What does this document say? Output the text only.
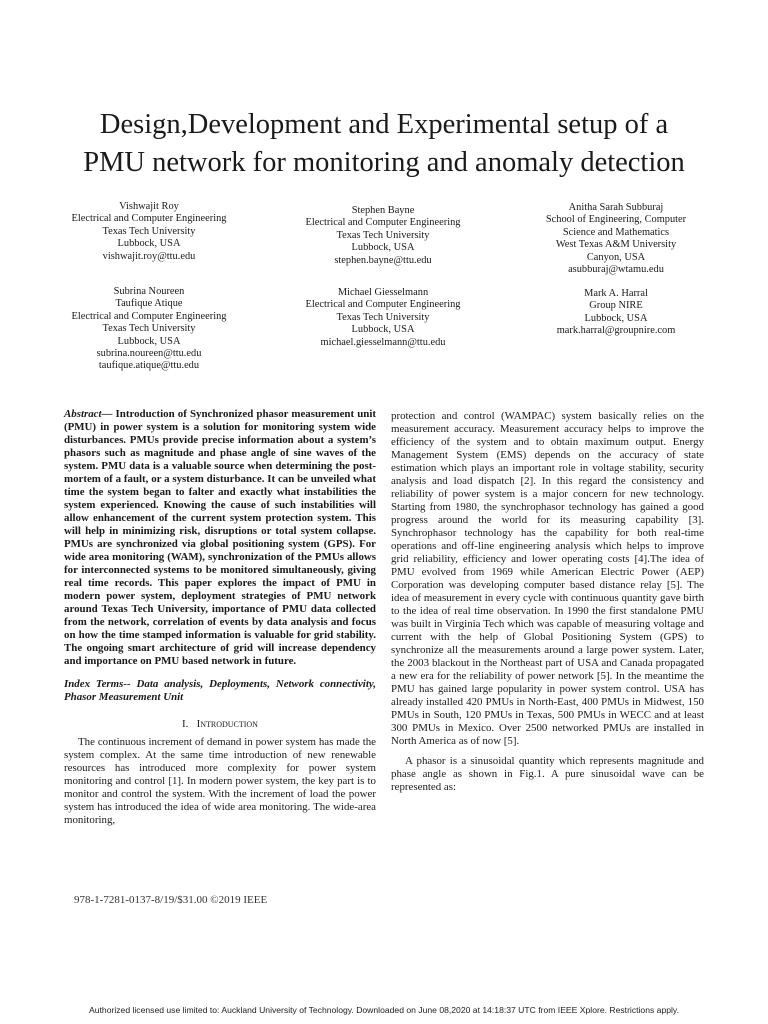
Design,Development and Experimental setup of a
PMU network for monitoring and anomaly detection
Vishwajit Roy
Electrical and Computer Engineering
Texas Tech University
Lubbock, USA
vishwajit.roy@ttu.edu
Stephen Bayne
Electrical and Computer Engineering
Texas Tech University
Lubbock, USA
stephen.bayne@ttu.edu
Anitha Sarah Subburaj
School of Engineering, Computer
Science and Mathematics
West Texas A&M University
Canyon, USA
asubburaj@wtamu.edu
Subrina Noureen
Taufique Atique
Electrical and Computer Engineering
Texas Tech University
Lubbock, USA
subrina.noureen@ttu.edu
taufique.atique@ttu.edu
Michael Giesselmann
Electrical and Computer Engineering
Texas Tech University
Lubbock, USA
michael.giesselmann@ttu.edu
Mark A. Harral
Group NIRE
Lubbock, USA
mark.harral@groupnire.com

Abstract— Introduction of Synchronized phasor measurement unit (PMU) in power system is a solution for monitoring system wide disturbances. PMUs provide precise information about a system’s phasors such as magnitude and phase angle of sine waves of the system. PMU data is a valuable source when determining the post-mortem of a fault, or a system disturbance. It can be unveiled what time the system began to falter and exactly what instabilities the system experienced. Knowing the cause of such instabilities will allow enhancement of the current system protection system. This will help in minimizing risk, disruptions or total system collapse. PMUs are synchronized via global positioning system (GPS). For wide area monitoring (WAM), synchronization of the PMUs allows for interconnected systems to be monitored simultaneously, giving real time records. This paper explores the impact of PMU in modern power system, deployment strategies of PMU network around Texas Tech University, importance of PMU data collected from the network, correlation of events by data analysis and focus on how the time stamped information is valuable for grid stability. The ongoing smart architecture of grid will increase dependency and importance on PMU based network in future.

Index Terms-- Data analysis, Deployments, Network connectivity, Phasor Measurement Unit

I. Introduction

The continuous increment of demand in power system has made the system complex. At the same time introduction of new renewable resources has introduced more complexity for power system monitoring and control [1]. In modern power system, the key part is to monitor and control the system. With the increment of load the power system has introduced the idea of wide area monitoring. The wide-area monitoring,

protection and control (WAMPAC) system basically relies on the measurement accuracy. Measurement accuracy helps to improve the efficiency of the system and to obtain maximum output. Energy Management System (EMS) depends on the accuracy of state estimation which plays an important role in voltage stability, security analysis and load dispatch [2]. In this regard the consistency and reliability of power system is a major concern for new technology. Starting from 1980, the synchrophasor technology has gained a good progress around the world for its measuring capability [3]. Synchrophasor technology has the capability for both real-time operations and off-line engineering analysis which helps to improve grid reliability, efficiency and lower operating costs [4].The idea of PMU evolved from 1969 while American Electric Power (AEP) Corporation was developing computer based distance relay [5]. The idea of measurement in every cycle with continuous quantity gave birth to the idea of real time observation. In 1990 the first standalone PMU was built in Virginia Tech which was capable of measuring voltage and current with the help of Global Positioning System (GPS) to synchronize all the measurements around a large power system. Later, the 2003 blackout in the Northeast part of USA and Canada propagated a new era for the reliability of power network [5]. In the meantime the PMU has gained large popularity in power system control. USA has already installed 420 PMUs in North-East, 400 PMUs in Midwest, 150 PMUs in South, 120 PMUs in Texas, 500 PMUs in WECC and at least 300 PMUs in Mexico. Over 2500 networked PMUs are installed in North America as of now [5].

A phasor is a sinusoidal quantity which represents magnitude and phase angle as shown in Fig.1. A pure sinusoidal wave can be represented as:

978-1-7281-0137-8/19/$31.00 ©2019 IEEE
Authorized licensed use limited to: Auckland University of Technology. Downloaded on June 08,2020 at 14:18:37 UTC from IEEE Xplore. Restrictions apply.
